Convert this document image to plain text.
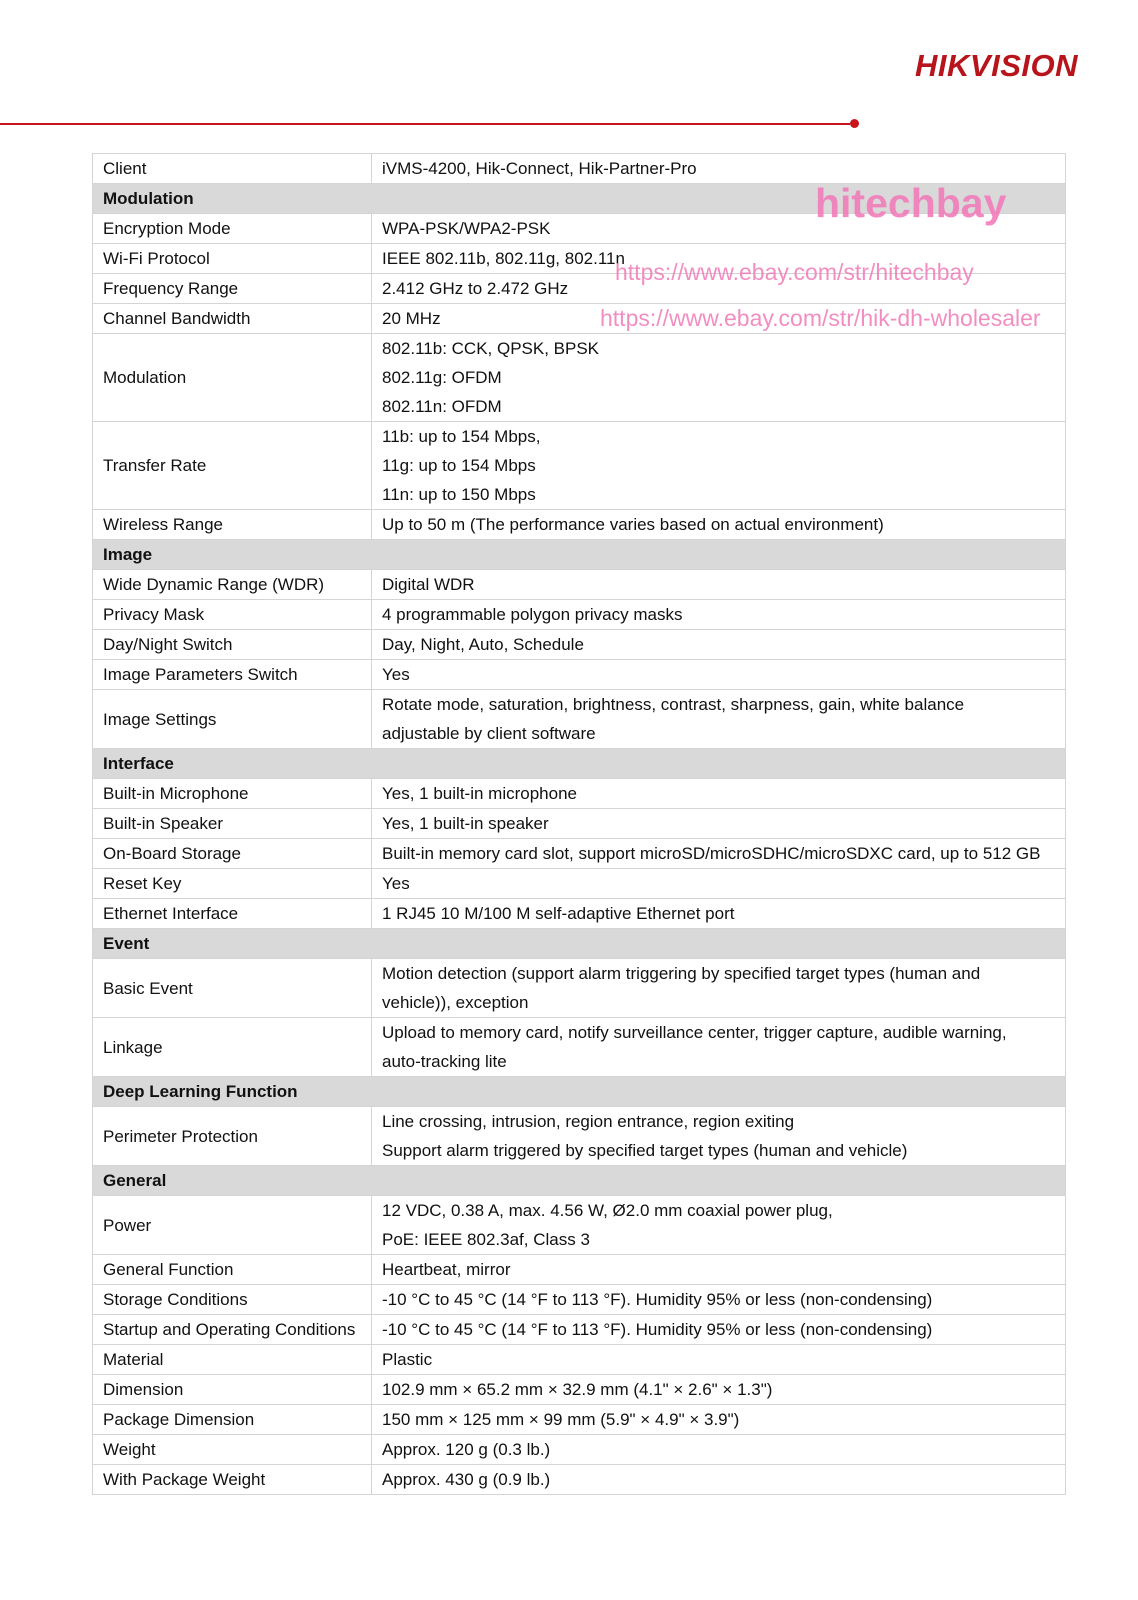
HIKVISION
Client	iVMS-4200, Hik-Connect, Hik-Partner-Pro

Modulation	
Encryption Mode	WPA-PSK/WPA2-PSK

Wi-Fi Protocol	IEEE 802.11b, 802.11g, 802.11n

Frequency Range	2.412 GHz to 2.472 GHz

Channel Bandwidth	20 MHz

Modulation	802.11b: CCK, QPSK, BPSK
802.11g: OFDM
802.11n: OFDM

Transfer Rate	11b: up to 154 Mbps,
11g: up to 154 Mbps
11n: up to 150 Mbps

Wireless Range	Up to 50 m (The performance varies based on actual environment)

Image	
Wide Dynamic Range (WDR)	Digital WDR

Privacy Mask	4 programmable polygon privacy masks

Day/Night Switch	Day, Night, Auto, Schedule

Image Parameters Switch	Yes

Image Settings	Rotate mode, saturation, brightness, contrast, sharpness, gain, white balance
adjustable by client software

Interface	
Built-in Microphone	Yes, 1 built-in microphone

Built-in Speaker	Yes, 1 built-in speaker

On-Board Storage	Built-in memory card slot, support microSD/microSDHC/microSDXC card, up to 512 GB

Reset Key	Yes

Ethernet Interface	1 RJ45 10 M/100 M self-adaptive Ethernet port

Event	
Basic Event	Motion detection (support alarm triggering by specified target types (human and
vehicle)), exception

Linkage	Upload to memory card, notify surveillance center, trigger capture, audible warning,
auto-tracking lite

Deep Learning Function	
Perimeter Protection	Line crossing, intrusion, region entrance, region exiting
Support alarm triggered by specified target types (human and vehicle)

General	
Power	12 VDC, 0.38 A, max. 4.56 W, Ø2.0 mm coaxial power plug,
PoE: IEEE 802.3af, Class 3

General Function	Heartbeat, mirror

Storage Conditions	-10 °C to 45 °C (14 °F to 113 °F). Humidity 95% or less (non-condensing)

Startup and Operating Conditions	-10 °C to 45 °C (14 °F to 113 °F). Humidity 95% or less (non-condensing)

Material	Plastic

Dimension	102.9 mm × 65.2 mm × 32.9 mm (4.1" × 2.6" × 1.3")

Package Dimension	150 mm × 125 mm × 99 mm (5.9" × 4.9" × 3.9")

Weight	Approx. 120 g (0.3 lb.)

With Package Weight	Approx. 430 g (0.9 lb.)
hitechbay
https://www.ebay.com/str/hitechbay
https://www.ebay.com/str/hik-dh-wholesaler
